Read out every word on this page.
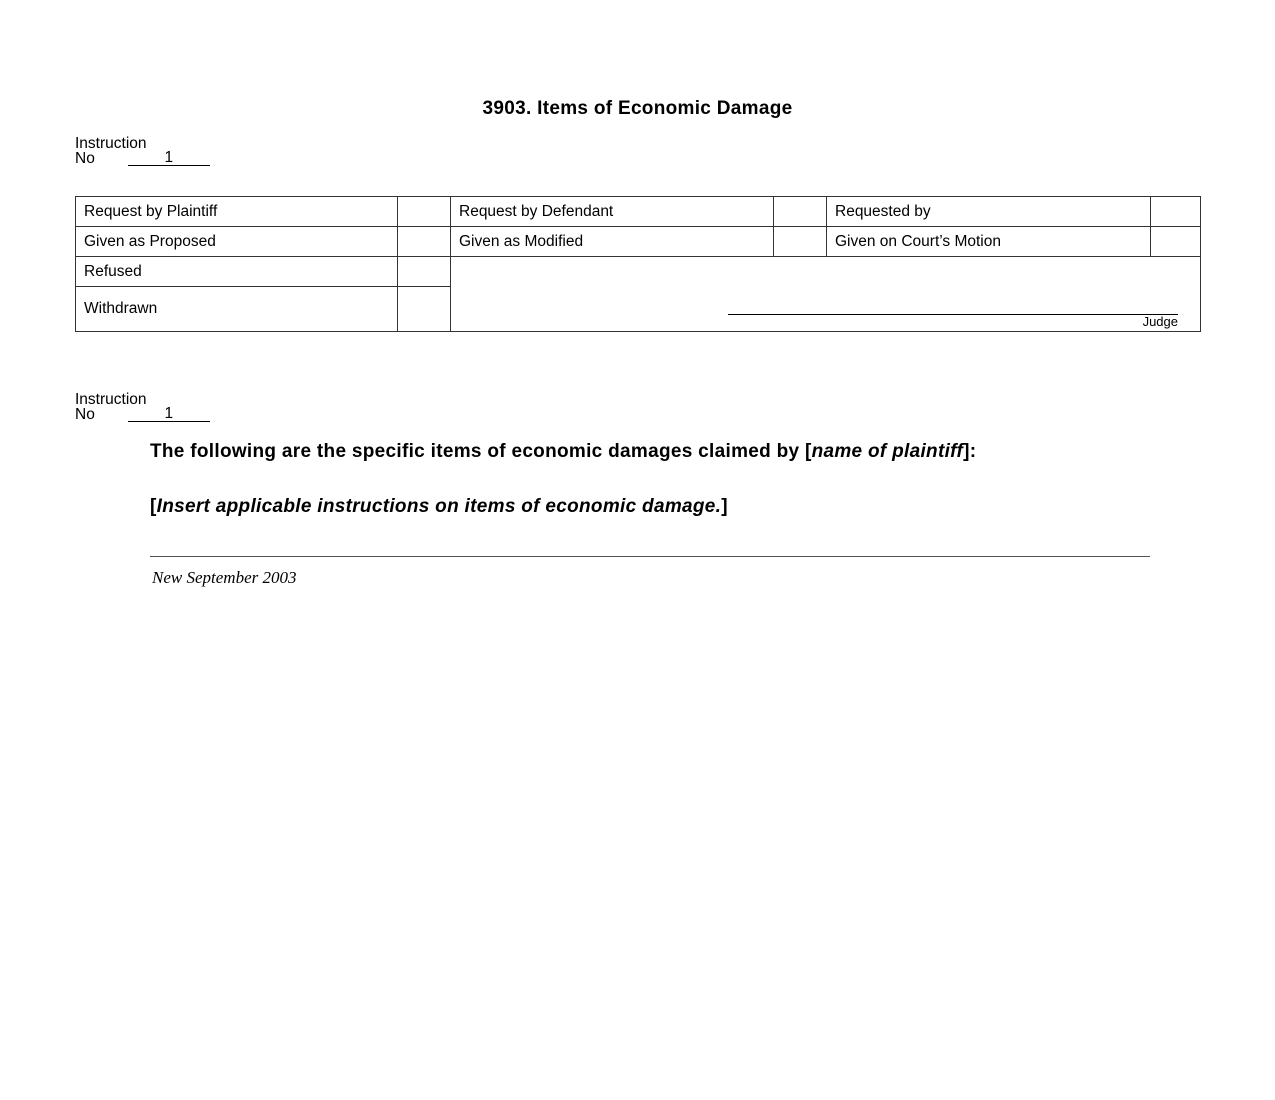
3903. Items of Economic Damage
Instruction
No	1
Request by Plaintiff		Request by Defendant		Requested by	
Given as Proposed		Given as Modified		Given on Court’s Motion	
Refused		Judge			

Withdrawn					
Instruction
No	1
The following are the specific items of economic damages claimed by [name of plaintiff]:
[Insert applicable instructions on items of economic damage.]
New September 2003
